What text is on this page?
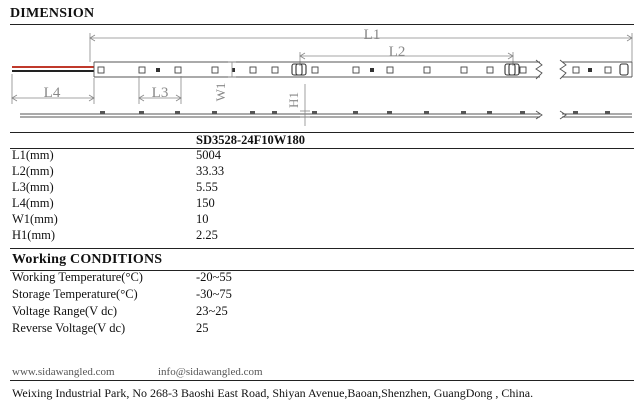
DIMENSION
L1
L2
L4	L3	W1	H1
SD3528-24F10W180
L1(mm)	5004
L2(mm)	33.33
L3(mm)	5.55
L4(mm)	150
W1(mm)	10
H1(mm)	2.25
Working CONDITIONS
Working Temperature(°C)	-20~55
Storage Temperature(°C)	-30~75
Voltage Range(V dc)	23~25
Reverse Voltage(V dc)	25
www.sidawangled.com	info@sidawangled.com
Weixing Industrial Park, No 268-3 Baoshi East Road, Shiyan Avenue,Baoan,Shenzhen, GuangDong , China.
